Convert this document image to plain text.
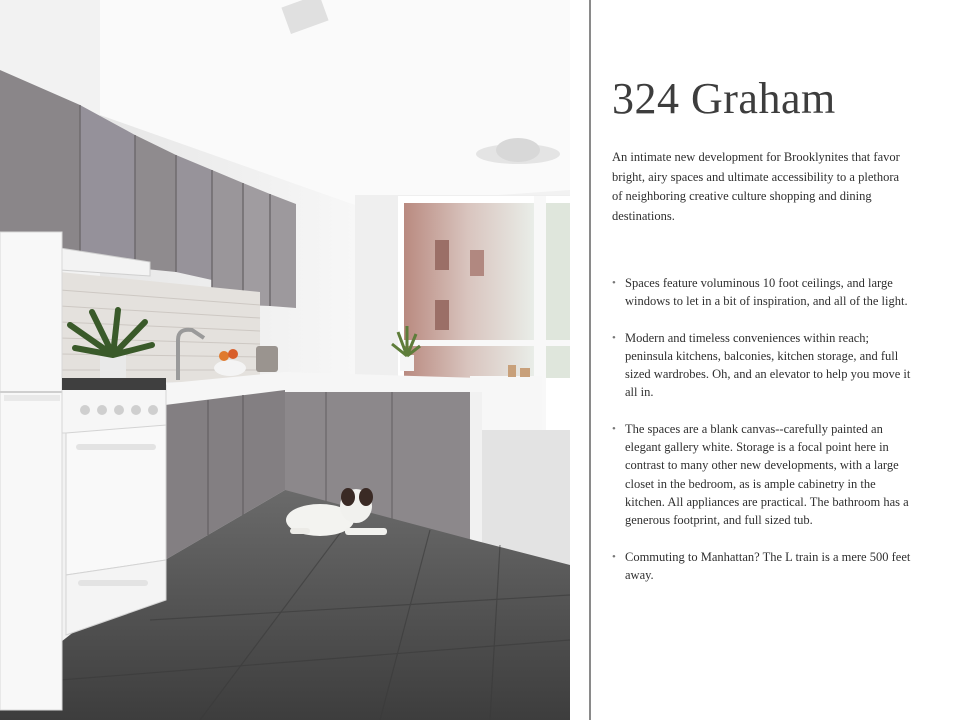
324 Graham

An intimate new development for Brooklynites that favor bright, airy spaces and ultimate accessibility to a plethora of neighboring creative culture shopping and dining destinations.

• Spaces feature voluminous 10 foot ceilings, and large windows to let in a bit of inspiration, and all of the light.
• Modern and timeless conveniences within reach; peninsula kitchens, balconies, kitchen storage, and full sized wardrobes. Oh, and an elevator to help you move it all in.
• The spaces are a blank canvas--carefully painted an elegant gallery white. Storage is a focal point here in contrast to many other new developments, with a large closet in the bedroom, as is ample cabinetry in the kitchen. All appliances are practical. The bathroom has a generous footprint, and full sized tub.
• Commuting to Manhattan? The L train is a mere 500 feet away.
